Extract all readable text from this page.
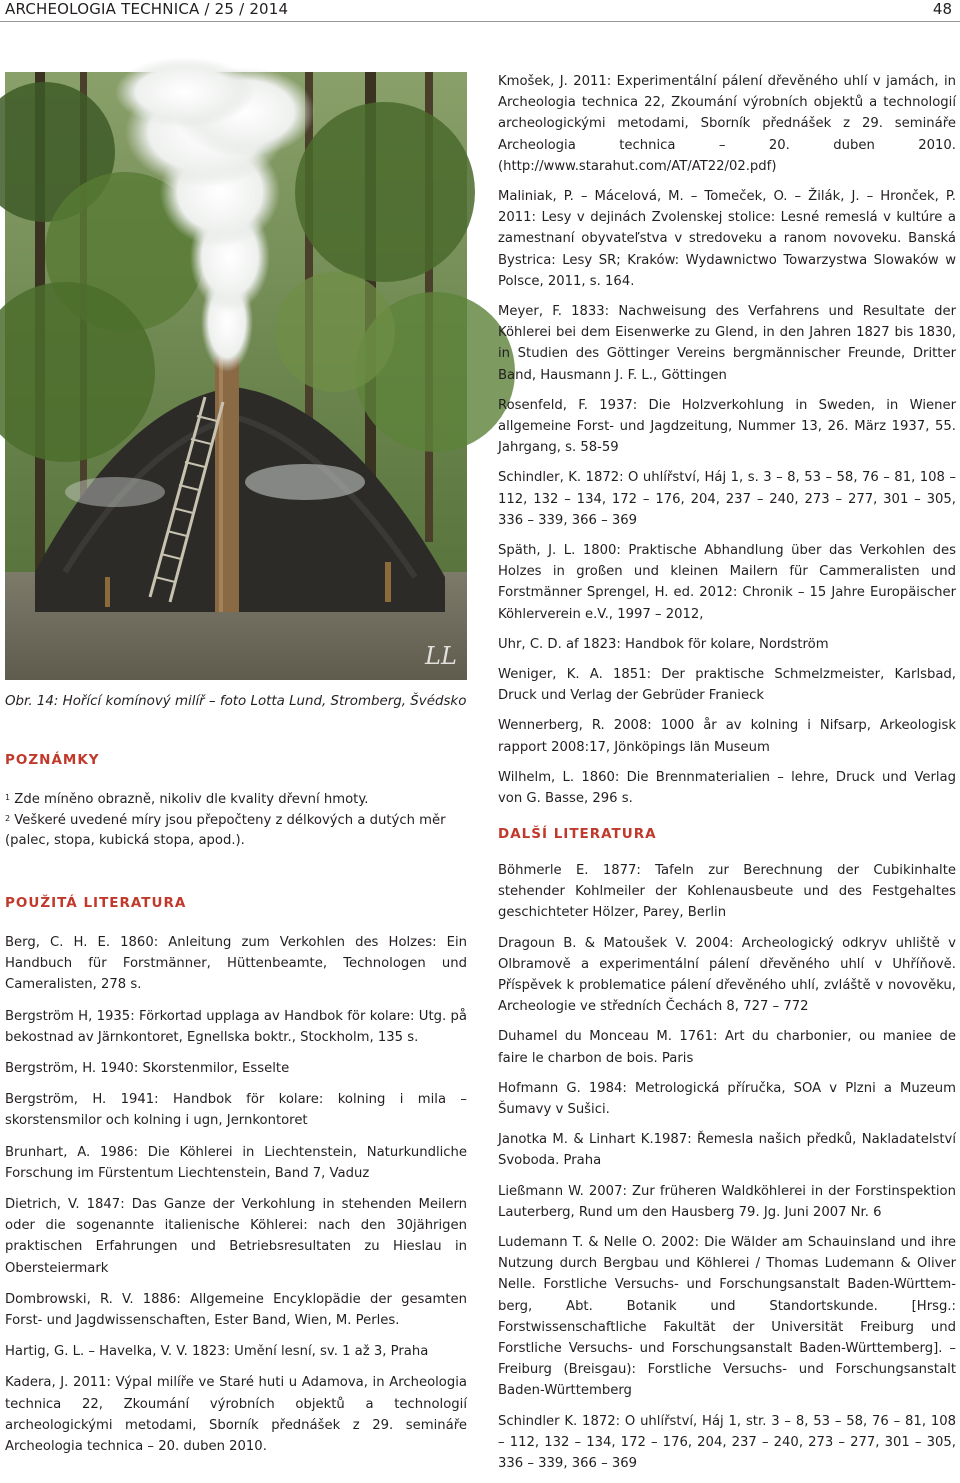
ARCHEOLOGIA TECHNICA / 25 / 2014	48
LL
Obr. 14: Hořící komínový milíř – foto Lotta Lund, Stromberg, Švédsko
POZNÁMKY
$^1$ Zde míněno obrazně, nikoliv dle kvality dřevní hmoty.
$^2$ Veškeré uvedené míry jsou přepočteny z délkových a dutých měr (palec, stopa, kubická stopa, apod.).
POUŽITÁ LITERATURA
Berg, C. H. E. 1860: Anleitung zum Verkohlen des Holzes: Ein Handbuch für Forstmänner, Hüttenbeamte, Technologen und Cameralisten, 278 s.
Bergström H, 1935: Förkortad upplaga av Handbok för kolare: Utg. på bekostnad av Järnkontoret, Egnellska boktr., Stockholm, 135 s.
Bergström, H. 1940: Skorstenmilor, Esselte
Bergström, H. 1941: Handbok för kolare: kolning i mila – skorstensmilor och kolning i ugn, Jernkontoret
Brunhart, A. 1986: Die Köhlerei in Liechtenstein, Naturkundliche Forschung im Fürstentum Liechtenstein, Band 7, Vaduz
Dietrich, V. 1847: Das Ganze der Verkohlung in stehenden Meilern oder die sogenannte italienische Köhlerei: nach den 30jährigen praktischen Erfahrungen und Betriebsresultaten zu Hieslau in Obersteiermark
Dombrowski, R. V. 1886: Allgemeine Encyklopädie der gesamten Forst- und Jagdwissenschaften, Ester Band, Wien, M. Perles.
Hartig, G. L. – Havelka, V. V. 1823: Umění lesní, sv. 1 až 3, Praha
Kadera, J. 2011: Výpal milíře ve Staré huti u Adamova, in Archeologia technica 22, Zkoumání výrobních objektů a technologií archeologickými metodami, Sborník přednášek z 29. semináře Archeologia technica – 20. duben 2010.
Kmošek, J. 2011: Experimentální pálení dřevěného uhlí v jamách, in Archeologia technica 22, Zkoumání výrobních objektů a technologií archeologickými metodami, Sborník přednášek z 29. semináře Archeologia technica – 20. duben 2010. (http://www.starahut.com/AT/AT22/02.pdf)
Maliniak, P. – Mácelová, M. – Tomeček, O. – Žilák, J. – Hronček, P. 2011: Lesy v dejinách Zvolenskej stolice: Lesné remeslá v kultúre a zamestnaní obyvateľstva v stredoveku a ranom novoveku. Banská Bystrica: Lesy SR; Kraków: Wydawnictwo Towarzystwa Slowaków w Polsce, 2011, s. 164.
Meyer, F. 1833: Nachweisung des Verfahrens und Resultate der Köhlerei bei dem Eisenwerke zu Glend, in den Jahren 1827 bis 1830, in Studien des Göttinger Vereins bergmännischer Freunde, Dritter Band, Hausmann J. F. L., Göttingen
Rosenfeld, F. 1937: Die Holzverkohlung in Sweden, in Wiener allgemeine Forst- und Jagdzeitung, Nummer 13, 26. März 1937, 55. Jahrgang, s. 58-59
Schindler, K. 1872: O uhlířství, Háj 1, s. 3 – 8, 53 – 58, 76 – 81, 108 – 112, 132 – 134, 172 – 176, 204, 237 – 240, 273 – 277, 301 – 305, 336 – 339, 366 – 369
Späth, J. L. 1800: Praktische Abhandlung über das Verkohlen des Holzes in großen und kleinen Mailern für Cammeralisten und Forstmänner Sprengel, H. ed. 2012: Chronik – 15 Jahre Europäischer Köhlerverein e.V., 1997 – 2012,
Uhr, C. D. af 1823: Handbok för kolare, Nordström
Weniger, K. A. 1851: Der praktische Schmelzmeister, Karlsbad, Druck und Verlag der Gebrüder Franieck
Wennerberg, R. 2008: 1000 år av kolning i Nifsarp, Arkeologisk rapport 2008:17, Jönköpings län Museum
Wilhelm, L. 1860: Die Brennmaterialien – lehre, Druck und Verlag von G. Basse, 296 s.
DALŠÍ LITERATURA
Böhmerle E. 1877: Tafeln zur Berechnung der Cubikinhalte stehender Kohlmeiler der Kohlenausbeute und des Festgehaltes geschichteter Hölzer, Parey, Berlin
Dragoun B. & Matoušek V. 2004: Archeologický odkryv uhliště v Olbramově a experimentální pálení dřevěného uhlí v Uhříňově. Příspěvek k problematice pálení dřevěného uhlí, zvláště v novověku, Archeologie ve středních Čechách 8, 727 – 772
Duhamel du Monceau M. 1761: Art du charbonier, ou maniee de faire le charbon de bois. Paris
Hofmann G. 1984: Metrologická příručka, SOA v Plzni a Muzeum Šumavy v Sušici.
Janotka M. & Linhart K.1987: Řemesla našich předků, Nakladatelství Svoboda. Praha
Ließmann W. 2007: Zur früheren Waldköhlerei in der Forstinspektion Lauterberg, Rund um den Hausberg 79. Jg. Juni 2007 Nr. 6
Ludemann T. & Nelle O. 2002: Die Wälder am Schauinsland und ihre Nutzung durch Bergbau und Köhlerei / Thomas Ludemann & Oliver Nelle. Forstliche Versuchs- und Forschungsanstalt Baden-Württem-berg, Abt. Botanik und Standortskunde. [Hrsg.: Forstwissenschaftliche Fakultät der Universität Freiburg und Forstliche Versuchs- und Forschungsanstalt Baden-Württemberg]. – Freiburg (Breisgau): Forstliche Versuchs- und Forschungsanstalt Baden-Württemberg
Schindler K. 1872: O uhlířství, Háj 1, str. 3 – 8, 53 – 58, 76 – 81, 108 – 112, 132 – 134, 172 – 176, 204, 237 – 240, 273 – 277, 301 – 305, 336 – 339, 366 – 369
